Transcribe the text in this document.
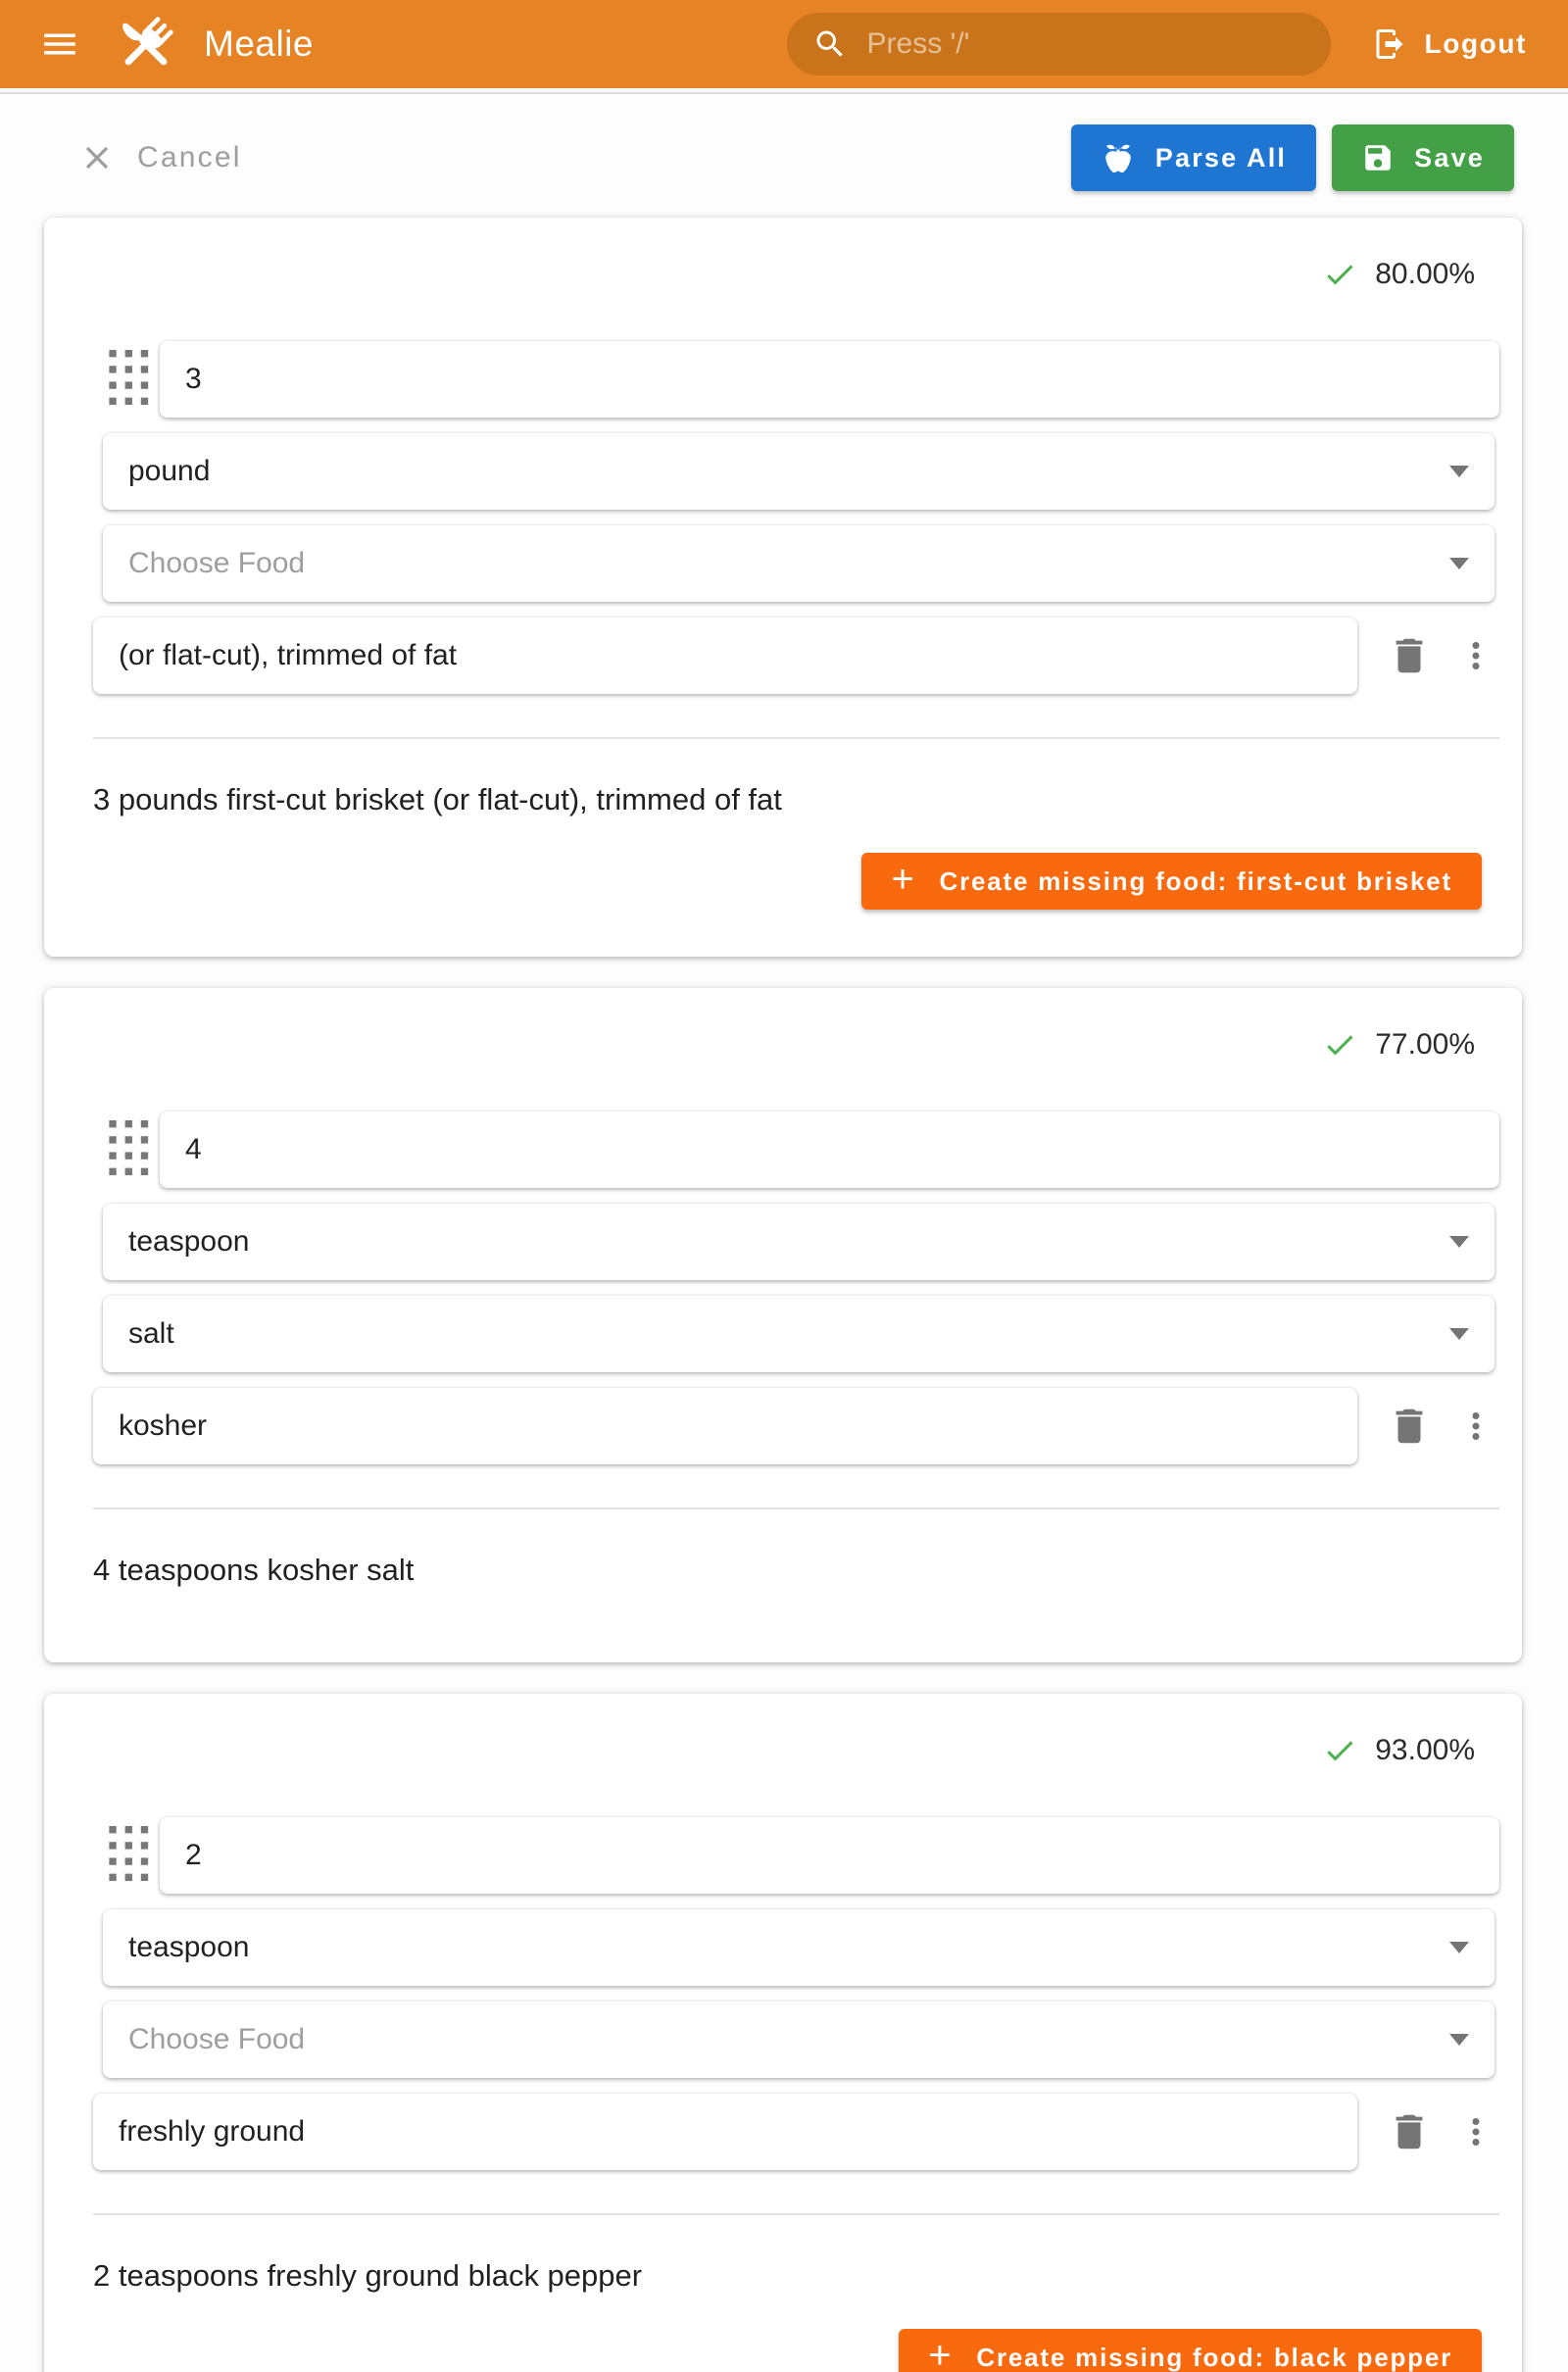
Mealie	Press '/'	Logout
Cancel	Parse All	Save
80.00%
3
pound
Choose Food
(or flat-cut), trimmed of fat
3 pounds first-cut brisket (or flat-cut), trimmed of fat
+ Create missing food: first-cut brisket
77.00%
4
teaspoon
salt
kosher
4 teaspoons kosher salt
93.00%
2
teaspoon
Choose Food
freshly ground
2 teaspoons freshly ground black pepper
+ Create missing food: black pepper
